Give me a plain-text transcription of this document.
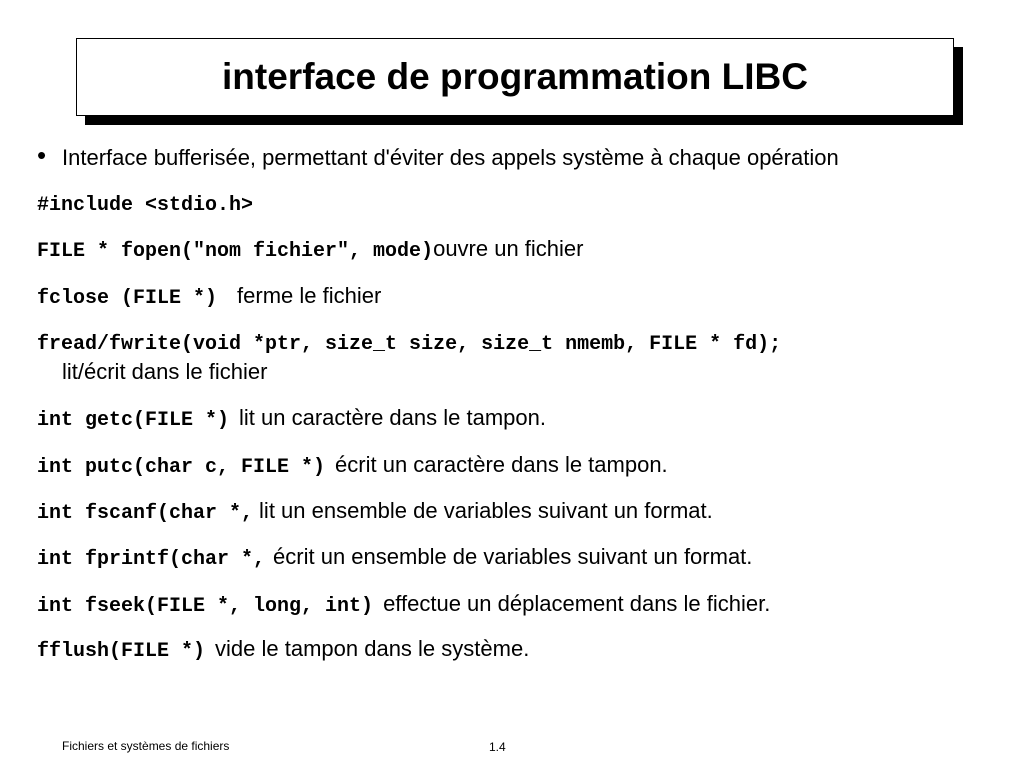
interface de programmation LIBC
• Interface bufferisée, permettant d'éviter des appels système à chaque opération
#include <stdio.h>
FILE * fopen("nom fichier", mode)ouvre un fichier
fclose (FILE *) ferme le fichier
fread/fwrite(void *ptr, size_t size, size_t nmemb, FILE * fd);
lit/écrit dans le fichier
int getc(FILE *) lit un caractère dans le tampon.
int putc(char c, FILE *) écrit un caractère dans le tampon.
int fscanf(char *, lit un ensemble de variables suivant un format.
int fprintf(char *, écrit un ensemble de variables suivant un format.
int fseek(FILE *, long, int) effectue un déplacement dans le fichier.
fflush(FILE *) vide le tampon dans le système.
Fichiers et systèmes de fichiers	1.4
